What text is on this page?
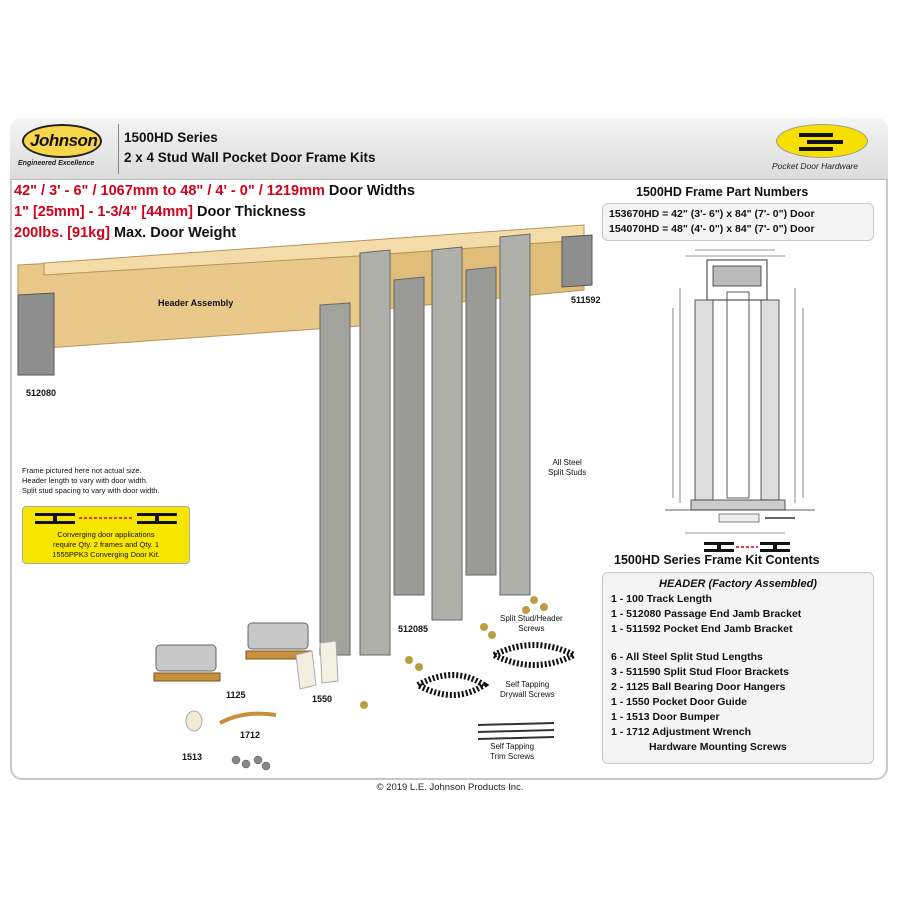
Johnson
Engineered Excellence
1500HD Series
2 x 4 Stud Wall Pocket Door Frame Kits
Pocket Door Hardware
42" / 3' - 6" / 1067mm to 48" / 4' - 0" / 1219mm Door Widths
1" [25mm] - 1-3/4" [44mm] Door Thickness
200lbs. [91kg] Max. Door Weight
1500HD Frame Part Numbers
153670HD = 42" (3'- 6") x 84" (7'- 0") Door
154070HD = 48" (4'- 0") x 84" (7'- 0") Door
1500HD Series Frame Kit Contents
HEADER (Factory Assembled)
1 - 100 Track Length
1 - 512080 Passage End Jamb Bracket
1 - 511592 Pocket End Jamb Bracket
6 - All Steel Split Stud Lengths
3 - 511590 Split Stud Floor Brackets
2 - 1125 Ball Bearing Door Hangers
1 - 1550 Pocket Door Guide
1 - 1513 Door Bumper
1 - 1712 Adjustment Wrench
Hardware Mounting Screws
Header Assembly
512080
511592
512085
All Steel
Split Studs
Split Stud/Header
Screws
Self Tapping
Drywall Screws
Self Tapping
Trim Screws
1125	1550
1712
1513
Frame pictured here not actual size.
Header length to vary with door width.
Split stud spacing to vary with door width.
Converging door applications
require Qty. 2 frames and Qty. 1
1555PPK3 Converging Door Kit.
© 2019 L.E. Johnson Products Inc.
